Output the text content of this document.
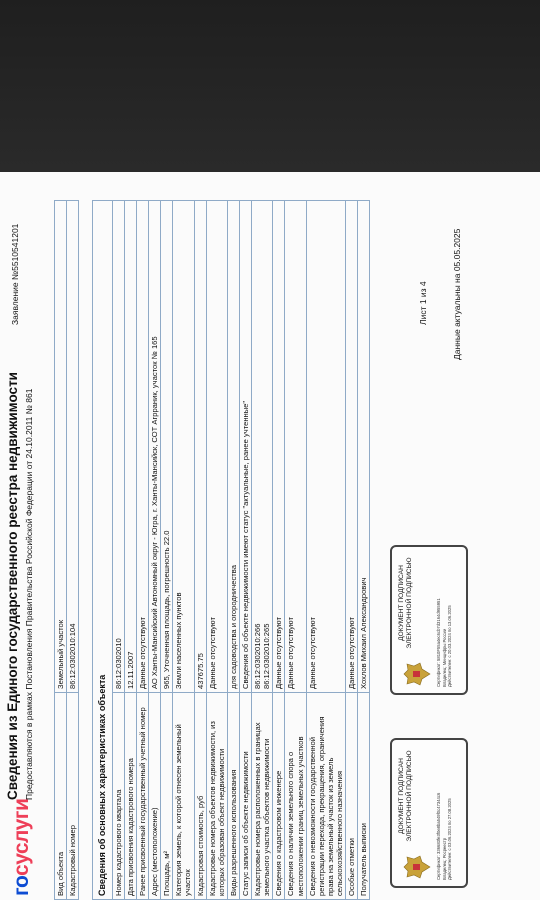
госуслуги
Сведения из Единого государственного реестра недвижимости Предоставляются в рамках Постановления Правительства Российской Федерации от 24.10.2011 № 861
Заявление №5510541201
Вид объекта	Земельный участок
Кадастровый номер	86:12:0302010:104
Сведения об основных характеристиках объекта	
Номер кадастрового квартала	86:12:0302010
Дата присвоения кадастрового номера	12.11.2007
Ранее присвоенный государственный учетный номер	Данные отсутствуют
Адрес (местоположение)	АО Ханты-Мансийский Автономный округ - Югра, г. Ханты-Мансийск, СОТ Агрраник, участок № 165
Площадь, м²	965, Уточненная площадь, погрешность 22.0
Категория земель, к которой отнесен земельный участок	Земли населенных пунктов
Кадастровая стоимость, руб	437675.75
Кадастровые номера объектов недвижимости, из которых образован объект недвижимости	Данные отсутствуют
Виды разрешенного использования	для садоводства и огородничества
Статус записи об объекте недвижимости	Сведения об объекте недвижимости имеют статус "актуальные, ранее учтенные"
Кадастровые номера расположенных в границах земельного участка объектов недвижимости	86:12:0302010:266
86:12:0302010:265
Сведения о кадастровом инженере	Данные отсутствуют
Сведения о наличии земельного спора о местоположении границ земельных участков	Данные отсутствуют
Сведения о невозможности государственной регистрации перехода, прекращения, ограничения права на земельный участок из земель сельскохозяйственного назначения	Данные отсутствуют
Особые отметки	Данные отсутствуют
Получатель выписки	Хохлов Михаил Александрович
ДОКУМЕНТ ПОДПИСАН ЭЛЕКТРОННОЙ ПОДПИСЬЮ	Сертификат: 336683fe3f0e8ba549f0c47344c6 Владелец: Росреестр Действителен: с 03.06.2024 по 27.08.2025
ДОКУМЕНТ ПОДПИСАН ЭЛЕКТРОННОЙ ПОДПИСЬЮ	Сертификат: 5810F55a4ec6cb7d3164d955951 Владелец: Минцифры России Действителен: с 20.03.2024 по 13.06.2025
Лист 1 из 4	Данные актуальны на 05.05.2025
